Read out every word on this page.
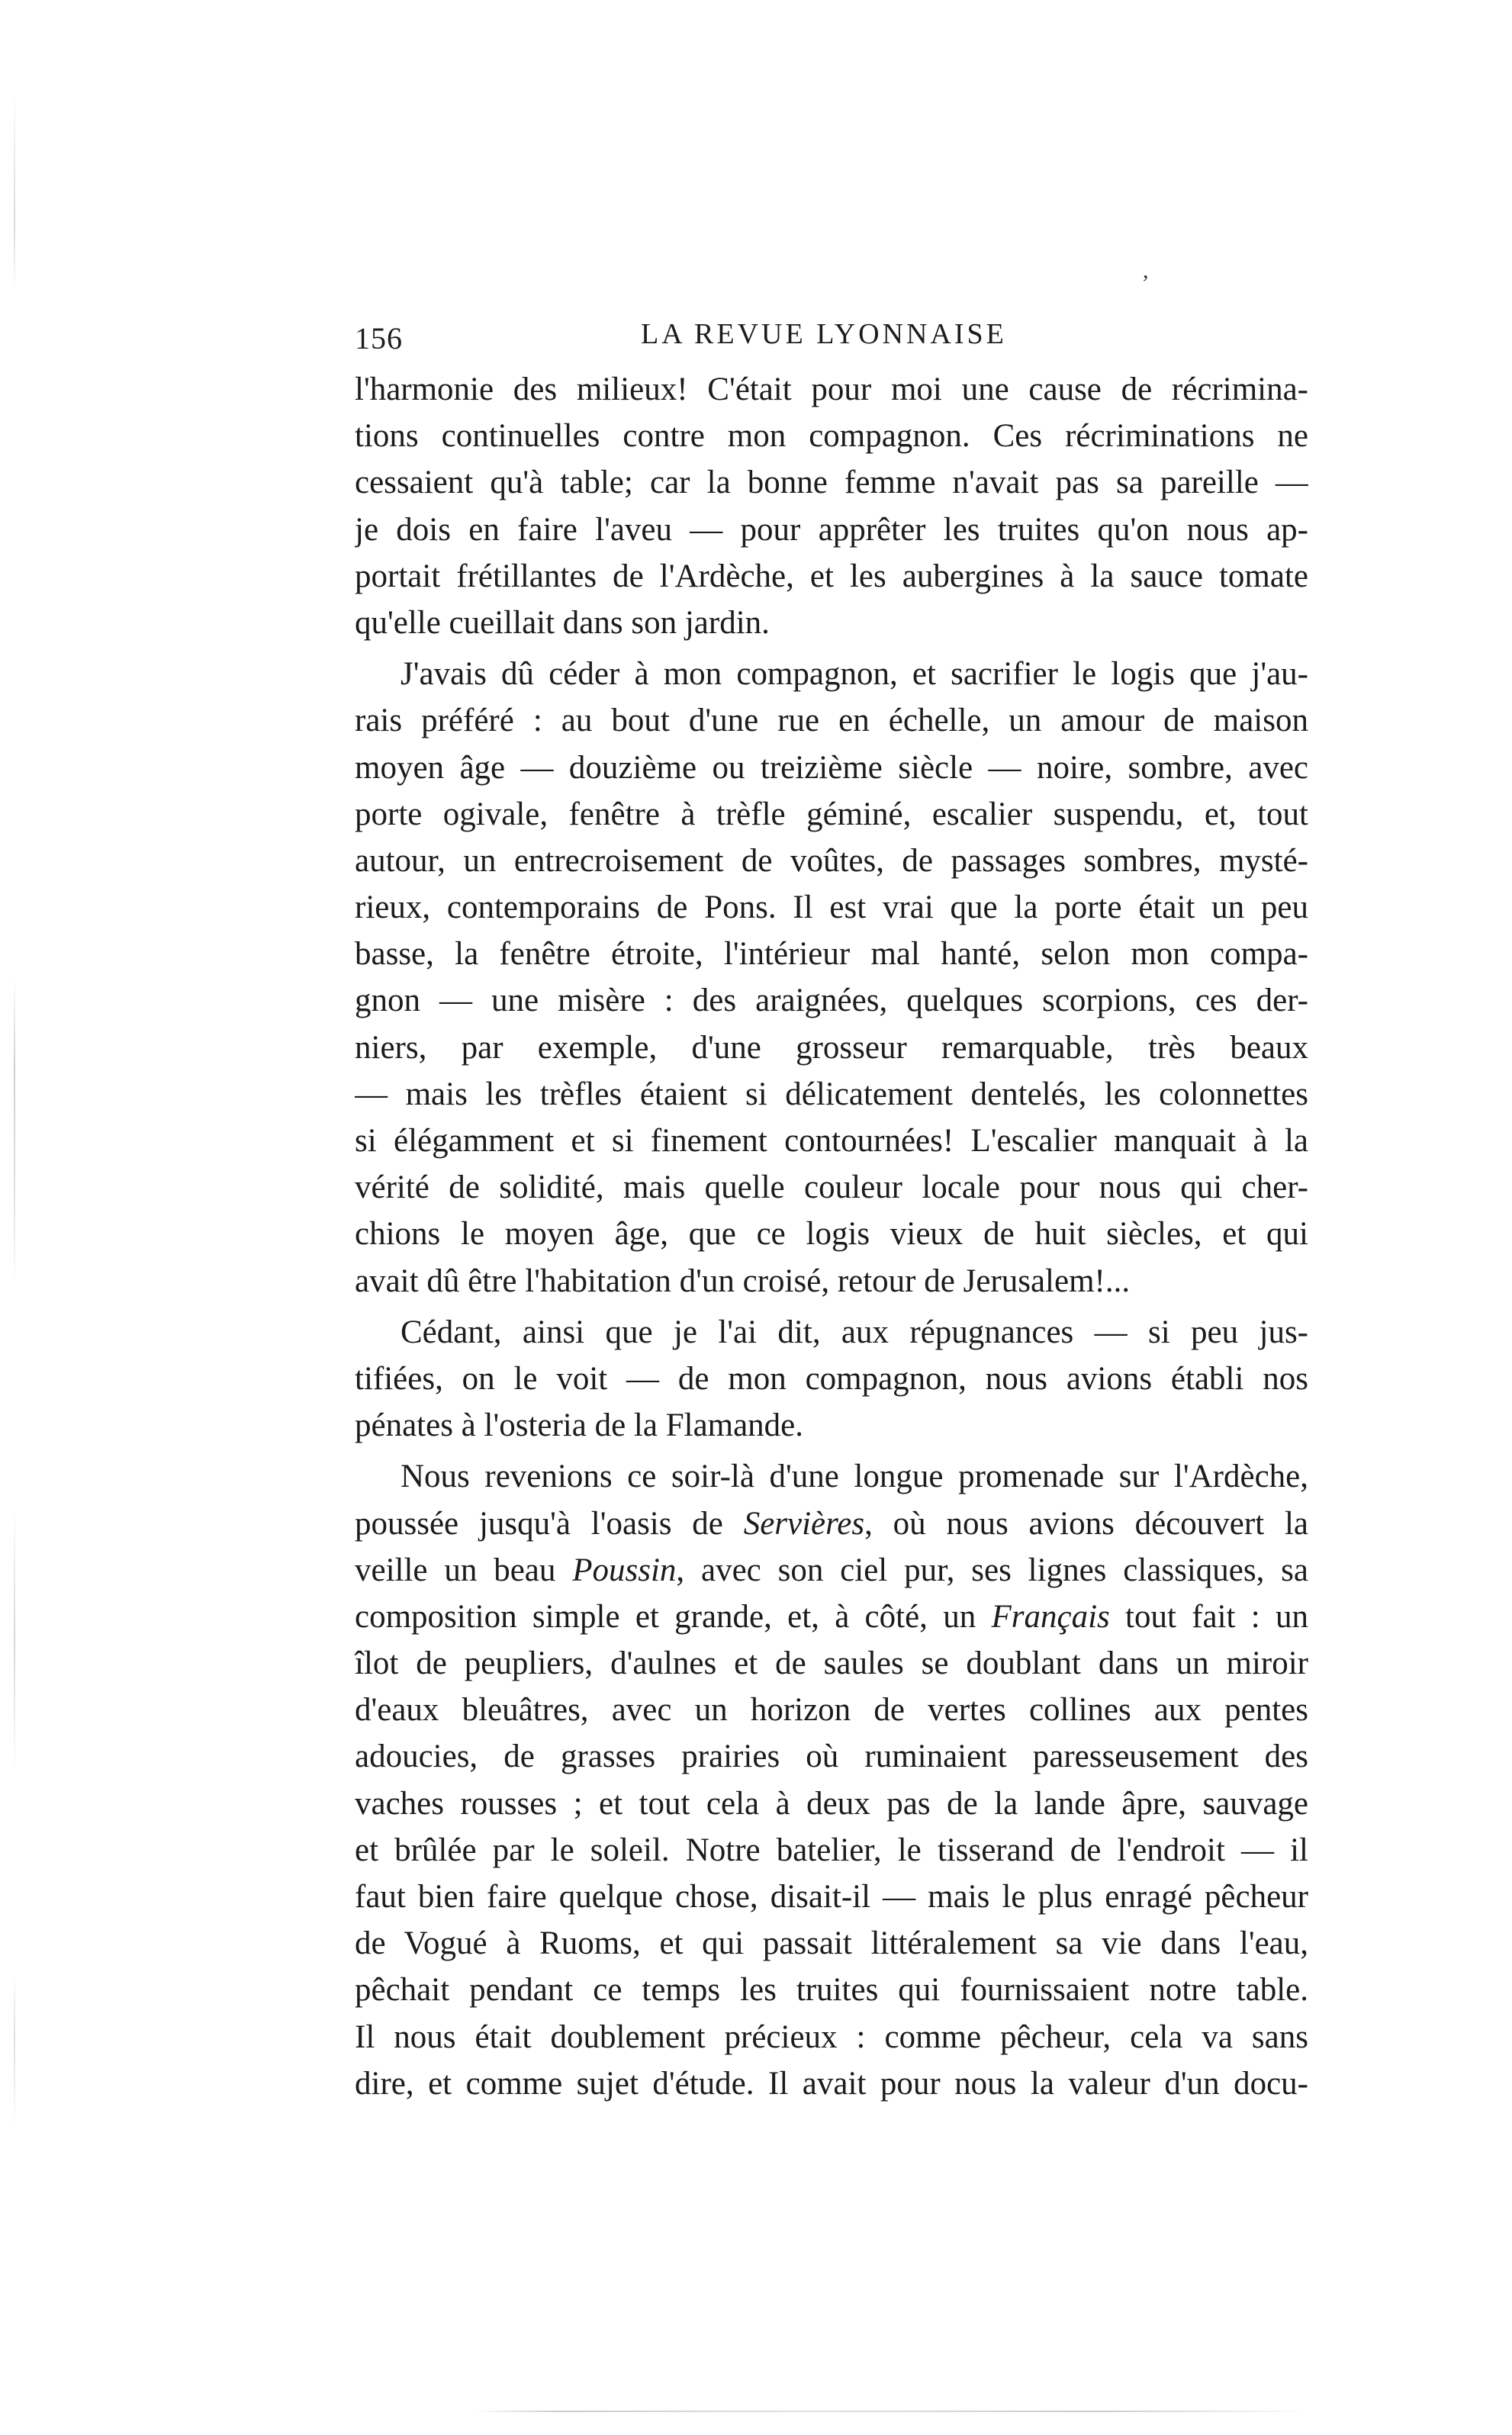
,
156	LA REVUE LYONNAISE
l'harmonie des milieux! C'était pour moi une cause de récrimina-
tions continuelles contre mon compagnon. Ces récriminations ne
cessaient qu'à table; car la bonne femme n'avait pas sa pareille —
je dois en faire l'aveu — pour apprêter les truites qu'on nous ap-
portait frétillantes de l'Ardèche, et les aubergines à la sauce tomate
qu'elle cueillait dans son jardin.
J'avais dû céder à mon compagnon, et sacrifier le logis que j'au-
rais préféré : au bout d'une rue en échelle, un amour de maison
moyen âge — douzième ou treizième siècle — noire, sombre, avec
porte ogivale, fenêtre à trèfle géminé, escalier suspendu, et, tout
autour, un entrecroisement de voûtes, de passages sombres, mysté-
rieux, contemporains de Pons. Il est vrai que la porte était un peu
basse, la fenêtre étroite, l'intérieur mal hanté, selon mon compa-
gnon — une misère : des araignées, quelques scorpions, ces der-
niers, par exemple, d'une grosseur remarquable, très beaux
— mais les trèfles étaient si délicatement dentelés, les colonnettes
si élégamment et si finement contournées! L'escalier manquait à la
vérité de solidité, mais quelle couleur locale pour nous qui cher-
chions le moyen âge, que ce logis vieux de huit siècles, et qui
avait dû être l'habitation d'un croisé, retour de Jerusalem!...
Cédant, ainsi que je l'ai dit, aux répugnances — si peu jus-
tifiées, on le voit — de mon compagnon, nous avions établi nos
pénates à l'osteria de la Flamande.
Nous revenions ce soir-là d'une longue promenade sur l'Ardèche,
poussée jusqu'à l'oasis de Servières, où nous avions découvert la
veille un beau Poussin, avec son ciel pur, ses lignes classiques, sa
composition simple et grande, et, à côté, un Français tout fait : un
îlot de peupliers, d'aulnes et de saules se doublant dans un miroir
d'eaux bleuâtres, avec un horizon de vertes collines aux pentes
adoucies, de grasses prairies où ruminaient paresseusement des
vaches rousses ; et tout cela à deux pas de la lande âpre, sauvage
et brûlée par le soleil. Notre batelier, le tisserand de l'endroit — il
faut bien faire quelque chose, disait-il — mais le plus enragé pêcheur
de Vogué à Ruoms, et qui passait littéralement sa vie dans l'eau,
pêchait pendant ce temps les truites qui fournissaient notre table.
Il nous était doublement précieux : comme pêcheur, cela va sans
dire, et comme sujet d'étude. Il avait pour nous la valeur d'un docu-
